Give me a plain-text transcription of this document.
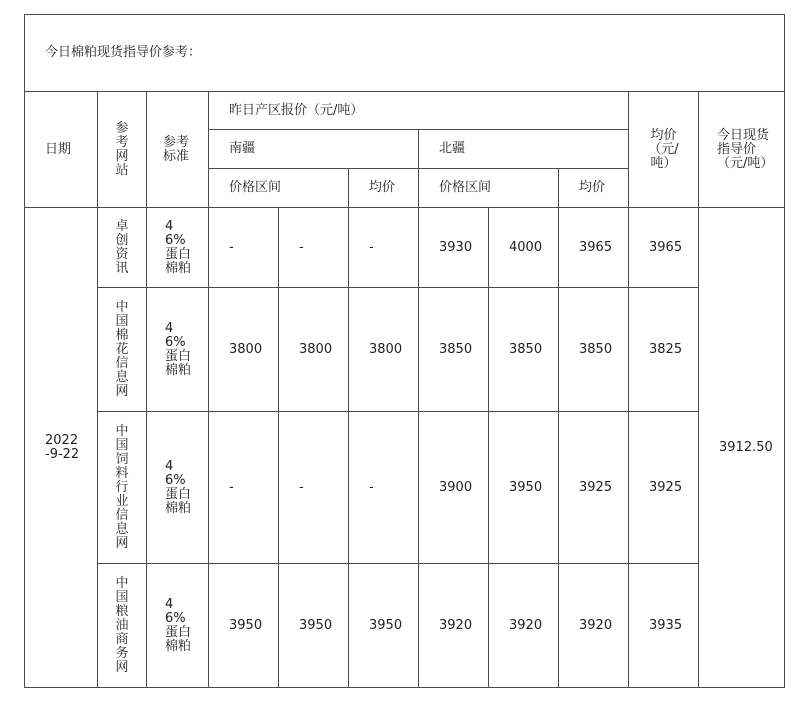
今日棉粕现货指导价参考：										
日期	参考网站	参考标准	昨日产区报价（元/吨）						均价（元/吨）	今日现货指导价（元/吨）
			南疆			北疆				
			价格区间		均价	价格区间		均价		
2022-9-22	卓创资讯	46%蛋白棉粕	-	-	-	3930	4000	3965	3965	3912.50
	中国棉花信息网	46%蛋白棉粕	3800	3800	3800	3850	3850	3850	3825	
	中国饲料行业信息网	46%蛋白棉粕	-	-	-	3900	3950	3925	3925	
	中国粮油商务网	46%蛋白棉粕	3950	3950	3950	3920	3920	3920	3935	
